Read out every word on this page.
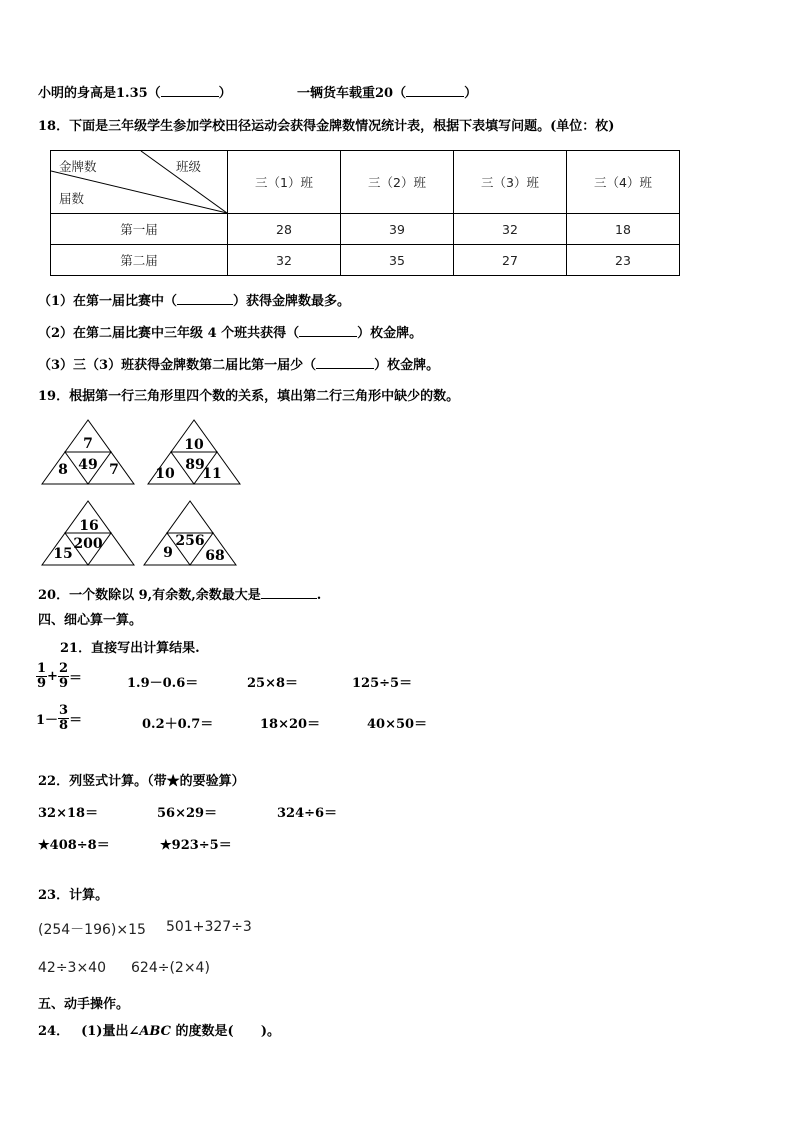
小明的身高是1.35（	）	一辆货车载重20（	）
18．下面是三年级学生参加学校田径运动会获得金牌数情况统计表，根据下表填写问题。(单位：枚)
金牌数 班级
届数	三（1）班	三（2）班	三（3）班	三（4）班
第一届	28	39	32	18
第二届	32	35	27	23
（1）在第一届比赛中（	）获得金牌数最多。
（2）在第二届比赛中三年级 4 个班共获得（	）枚金牌。
（3）三（3）班获得金牌数第二届比第一届少（	）枚金牌。
19．根据第一行三角形里四个数的关系，填出第二行三角形中缺少的数。
7
8 49 7
10
10
89
11
16
15
200
9
256
68
20．一个数除以 9,有余数,余数最大是	.
四、细心算一算。
21．直接写出计算结果.
$\frac{1}{9} + \frac{2}{9}$ ＝	1.9－0.6＝	25×8＝	125÷5＝
$1- \frac{3}{8}$ ＝	0.2＋0.7＝	18×20＝	40×50＝
22．列竖式计算。（带★的要验算）
32×18＝	56×29＝	324÷6＝
★408÷8＝	★923÷5＝
23．计算。
(254－196)×15 501+327÷3
42÷3×40 624÷(2×4)
五、动手操作。
24． (1)量出∠ABC 的度数是(      )。
